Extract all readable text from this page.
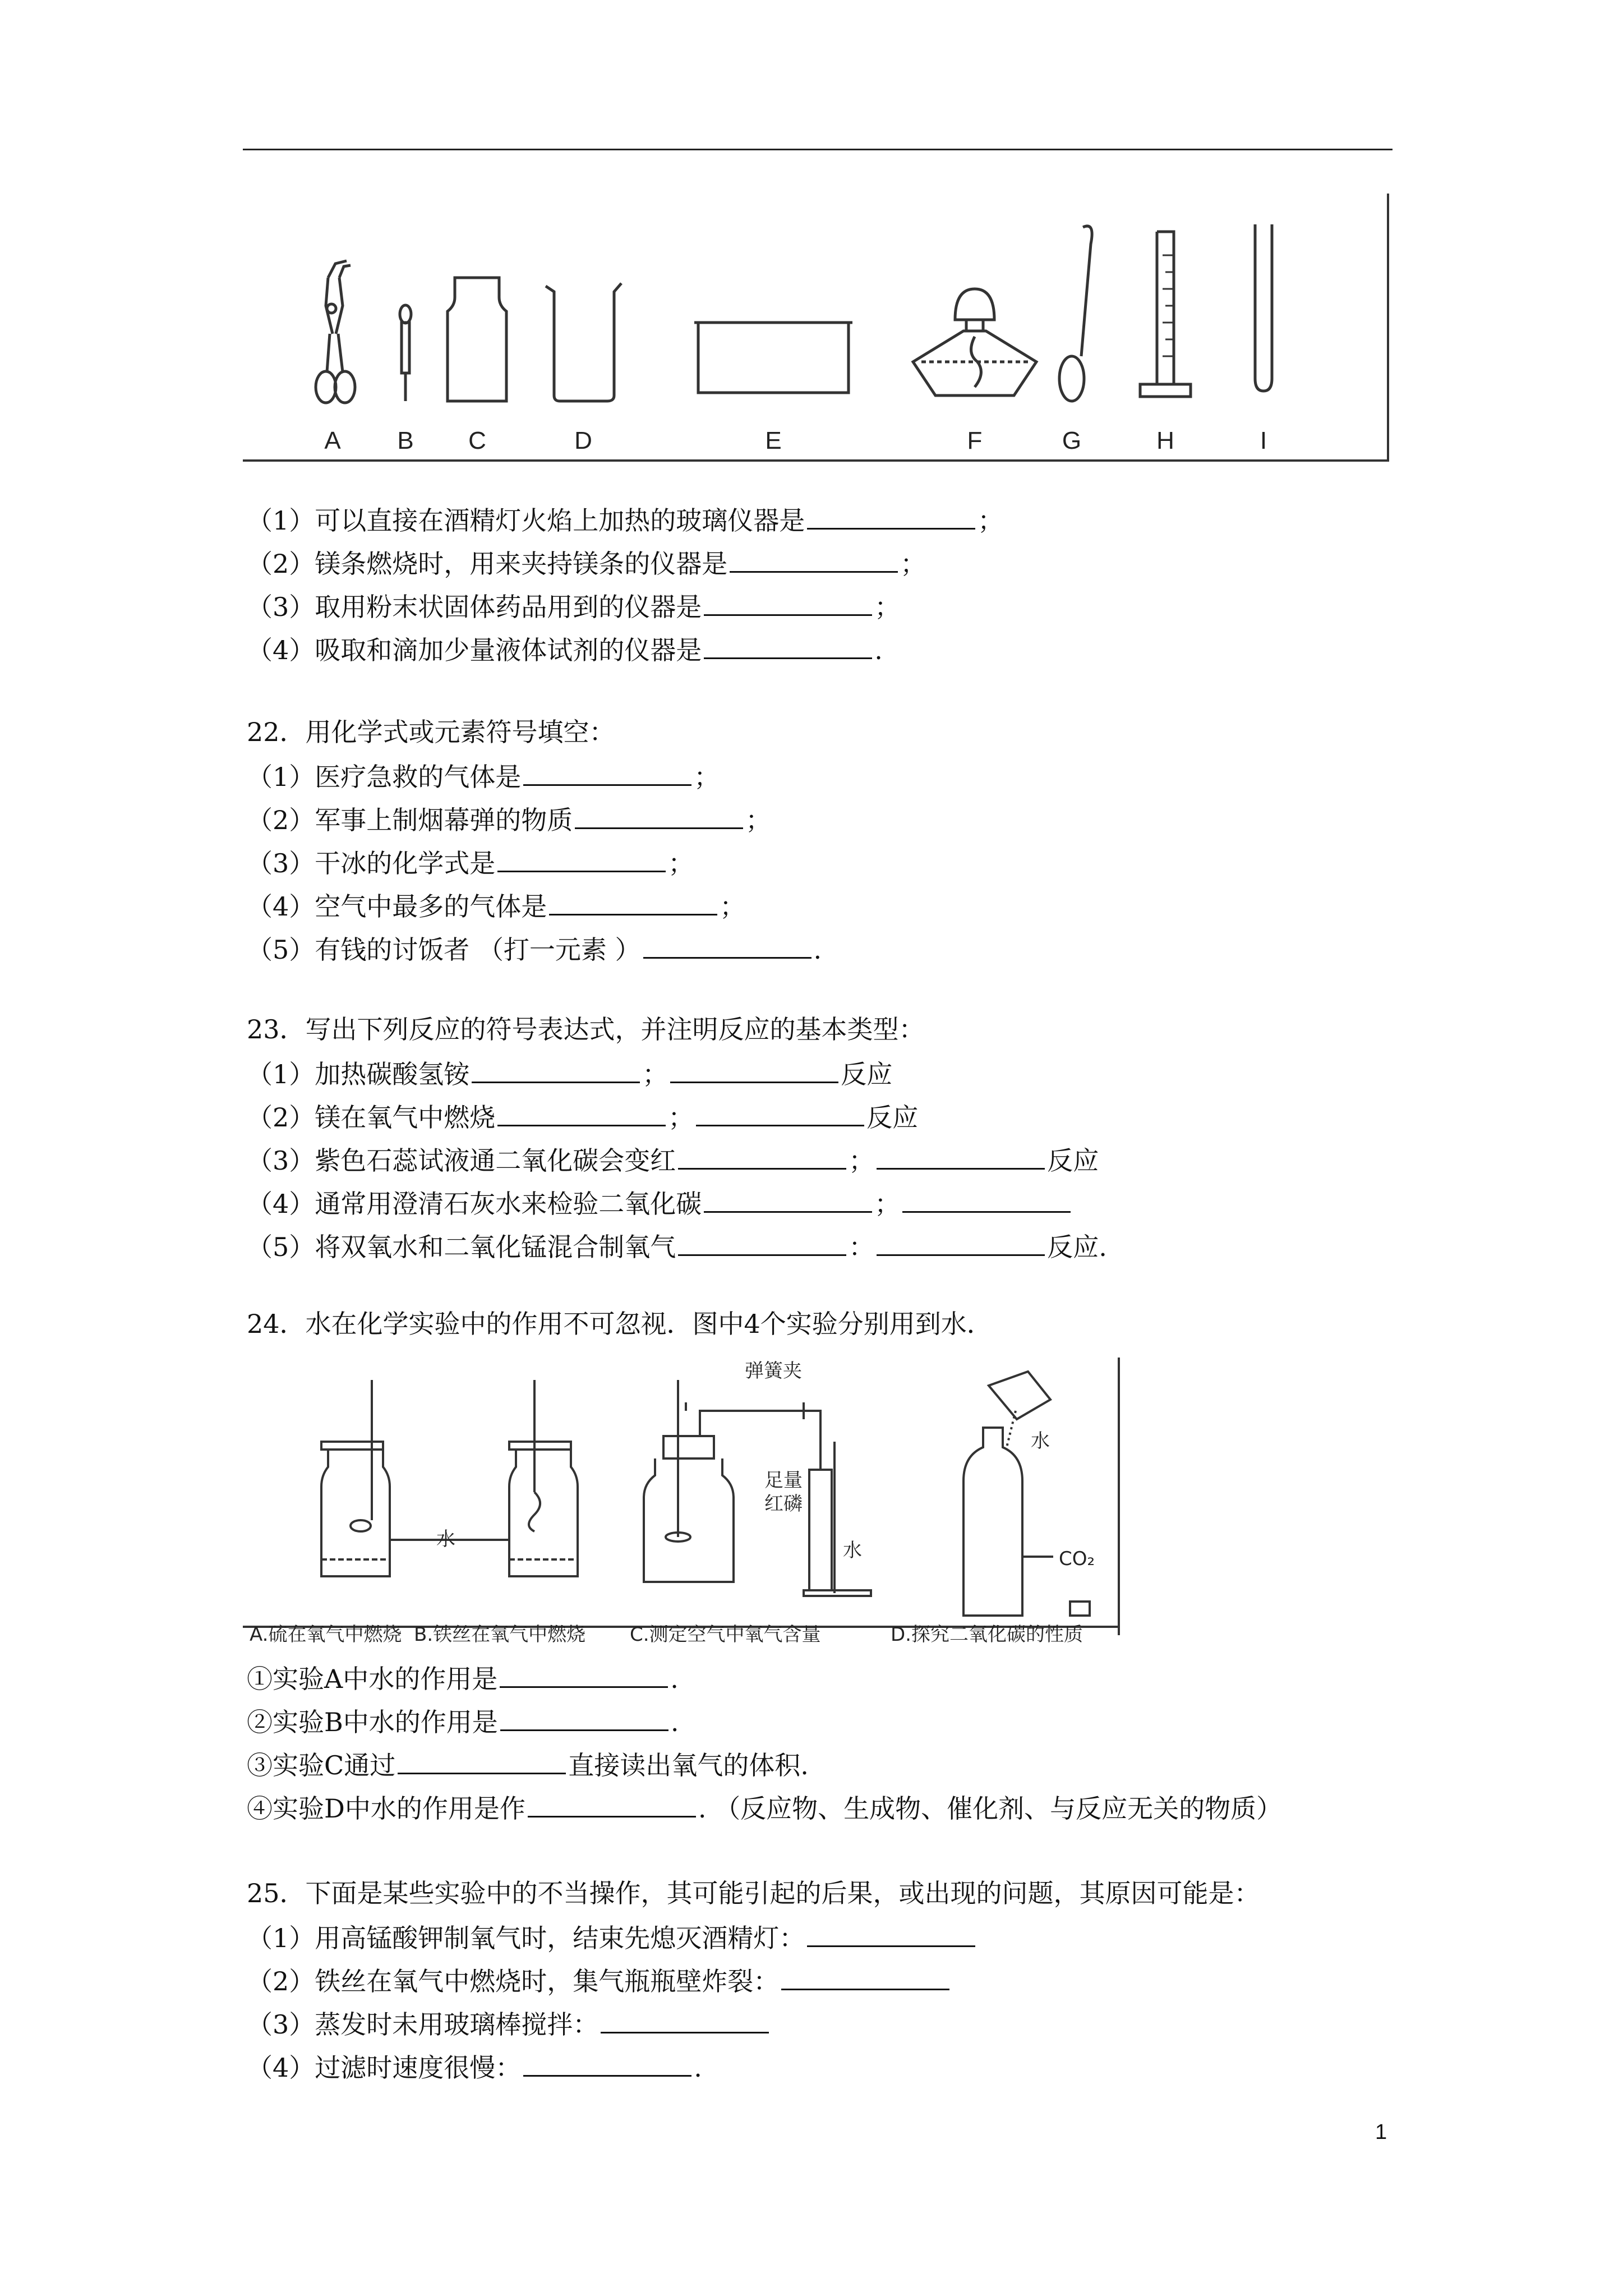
A B C	D	E	F	G	H	I
（1）可以直接在酒精灯火焰上加热的玻璃仪器是	；
（2）镁条燃烧时，用来夹持镁条的仪器是	；
（3）取用粉末状固体药品用到的仪器是	；
（4）吸取和滴加少量液体试剂的仪器是	.
22．用化学式或元素符号填空：
（1）医疗急救的气体是	；
（2）军事上制烟幕弹的物质	；
（3）干冰的化学式是	；
（4）空气中最多的气体是	；
（5）有钱的讨饭者 （打一元素 ）	.
23．写出下列反应的符号表达式，并注明反应的基本类型：
（1）加热碳酸氢铵	；	反应
（2）镁在氧气中燃烧	；	反应
（3）紫色石蕊试液通二氧化碳会变红	；	反应
（4）通常用澄清石灰水来检验二氧化碳	；
（5）将双氧水和二氧化锰混合制氧气	：	反应.
24．水在化学实验中的作用不可忽视．图中4个实验分别用到水．
弹簧夹
水
足量
红磷
CO₂
A.硫在氧气中燃烧 B.铁丝在氧气中燃烧 C.测定空气中氧气含量	D.探究二氧化碳的性质
水
水
①实验A中水的作用是	.
②实验B中水的作用是	.
③实验C通过	直接读出氧气的体积.
④实验D中水的作用是作	. （反应物、生成物、催化剂、与反应无关的物质）
25．下面是某些实验中的不当操作，其可能引起的后果，或出现的问题，其原因可能是：
（1）用高锰酸钾制氧气时，结束先熄灭酒精灯：
（2）铁丝在氧气中燃烧时，集气瓶瓶壁炸裂：
（3）蒸发时未用玻璃棒搅拌：
（4）过滤时速度很慢：	.
1
